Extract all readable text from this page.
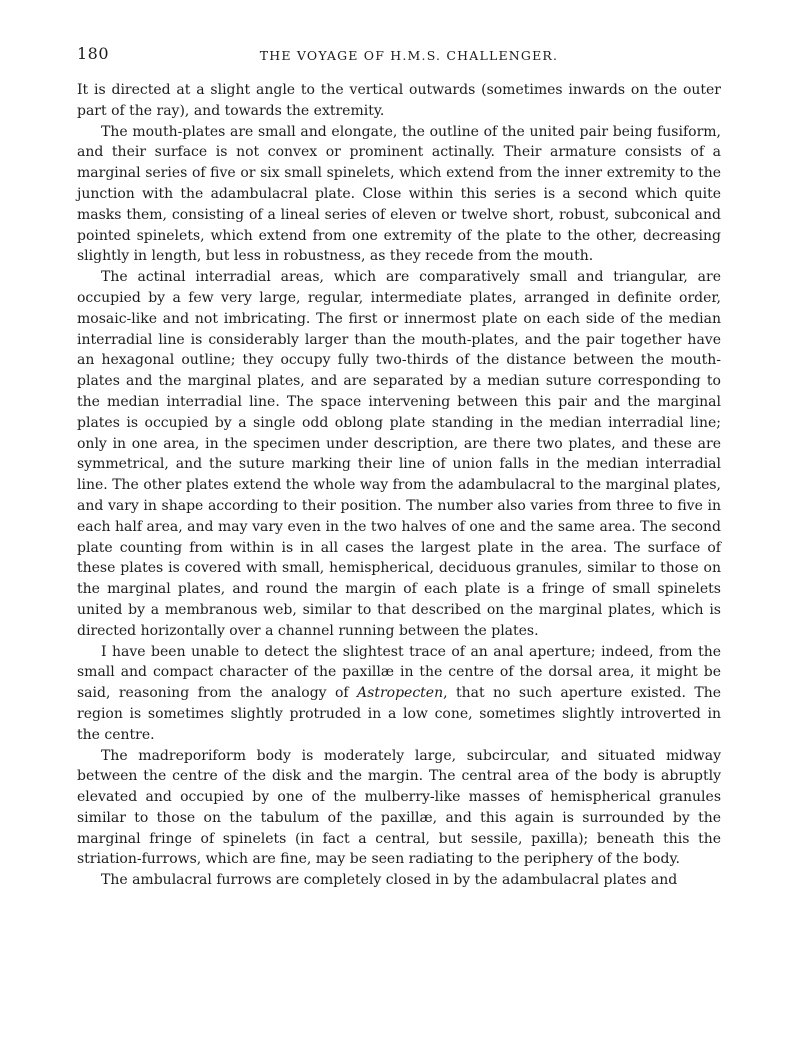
180	THE VOYAGE OF H.M.S. CHALLENGER.

It is directed at a slight angle to the vertical outwards (sometimes inwards on the outer part of the ray), and towards the extremity.

The mouth-plates are small and elongate, the outline of the united pair being fusiform, and their surface is not convex or prominent actinally. Their armature consists of a marginal series of five or six small spinelets, which extend from the inner extremity to the junction with the adambulacral plate. Close within this series is a second which quite masks them, consisting of a lineal series of eleven or twelve short, robust, subconical and pointed spinelets, which extend from one extremity of the plate to the other, decreasing slightly in length, but less in robustness, as they recede from the mouth.

The actinal interradial areas, which are comparatively small and triangular, are occupied by a few very large, regular, intermediate plates, arranged in definite order, mosaic-like and not imbricating. The first or innermost plate on each side of the median interradial line is considerably larger than the mouth-plates, and the pair together have an hexagonal outline; they occupy fully two-thirds of the distance between the mouth-plates and the marginal plates, and are separated by a median suture corresponding to the median interradial line. The space intervening between this pair and the marginal plates is occupied by a single odd oblong plate standing in the median interradial line; only in one area, in the specimen under description, are there two plates, and these are symmetrical, and the suture marking their line of union falls in the median interradial line. The other plates extend the whole way from the adambulacral to the marginal plates, and vary in shape according to their position. The number also varies from three to five in each half area, and may vary even in the two halves of one and the same area. The second plate counting from within is in all cases the largest plate in the area. The surface of these plates is covered with small, hemispherical, deciduous granules, similar to those on the marginal plates, and round the margin of each plate is a fringe of small spinelets united by a membranous web, similar to that described on the marginal plates, which is directed horizontally over a channel running between the plates.

I have been unable to detect the slightest trace of an anal aperture; indeed, from the small and compact character of the paxillæ in the centre of the dorsal area, it might be said, reasoning from the analogy of Astropecten, that no such aperture existed. The region is sometimes slightly protruded in a low cone, sometimes slightly introverted in the centre.

The madreporiform body is moderately large, subcircular, and situated midway between the centre of the disk and the margin. The central area of the body is abruptly elevated and occupied by one of the mulberry-like masses of hemispherical granules similar to those on the tabulum of the paxillæ, and this again is surrounded by the marginal fringe of spinelets (in fact a central, but sessile, paxilla); beneath this the striation-furrows, which are fine, may be seen radiating to the periphery of the body.

The ambulacral furrows are completely closed in by the adambulacral plates and
